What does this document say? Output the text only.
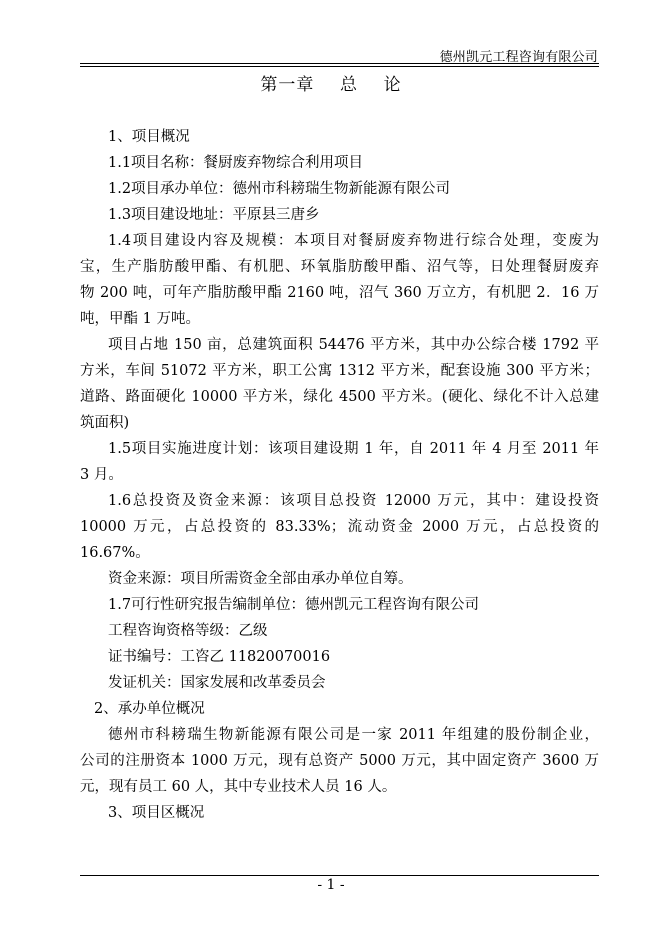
德州凯元工程咨询有限公司
第一章    总    论
1、项目概况
1.1项目名称：餐厨废弃物综合利用项目
1.2项目承办单位：德州市科耪瑞生物新能源有限公司
1.3项目建设地址：平原县三唐乡
1.4项目建设内容及规模：本项目对餐厨废弃物进行综合处理，变废为
宝，生产脂肪酸甲酯、有机肥、环氧脂肪酸甲酯、沼气等，日处理餐厨废弃
物 200 吨，可年产脂肪酸甲酯 2160 吨，沼气 360 万立方，有机肥 2．16 万
吨，甲酯 1 万吨。
项目占地 150 亩，总建筑面积 54476 平方米，其中办公综合楼 1792 平
方米，车间 51072 平方米，职工公寓 1312 平方米，配套设施 300 平方米；
道路、路面硬化 10000 平方米，绿化 4500 平方米。(硬化、绿化不计入总建
筑面积)
1.5项目实施进度计划：该项目建设期 1 年，自 2011 年 4 月至 2011 年
3 月。
1.6总投资及资金来源：该项目总投资 12000 万元，其中：建设投资
10000 万元，占总投资的 83.33%；流动资金 2000 万元，占总投资的
16.67%。
资金来源：项目所需资金全部由承办单位自筹。
1.7可行性研究报告编制单位：德州凯元工程咨询有限公司
工程咨询资格等级：乙级
证书编号：工咨乙 11820070016
发证机关：国家发展和改革委员会
2、承办单位概况
德州市科耪瑞生物新能源有限公司是一家 2011 年组建的股份制企业，
公司的注册资本 1000 万元，现有总资产 5000 万元，其中固定资产 3600 万
元，现有员工 60 人，其中专业技术人员 16 人。
3、项目区概况
- 1 -
